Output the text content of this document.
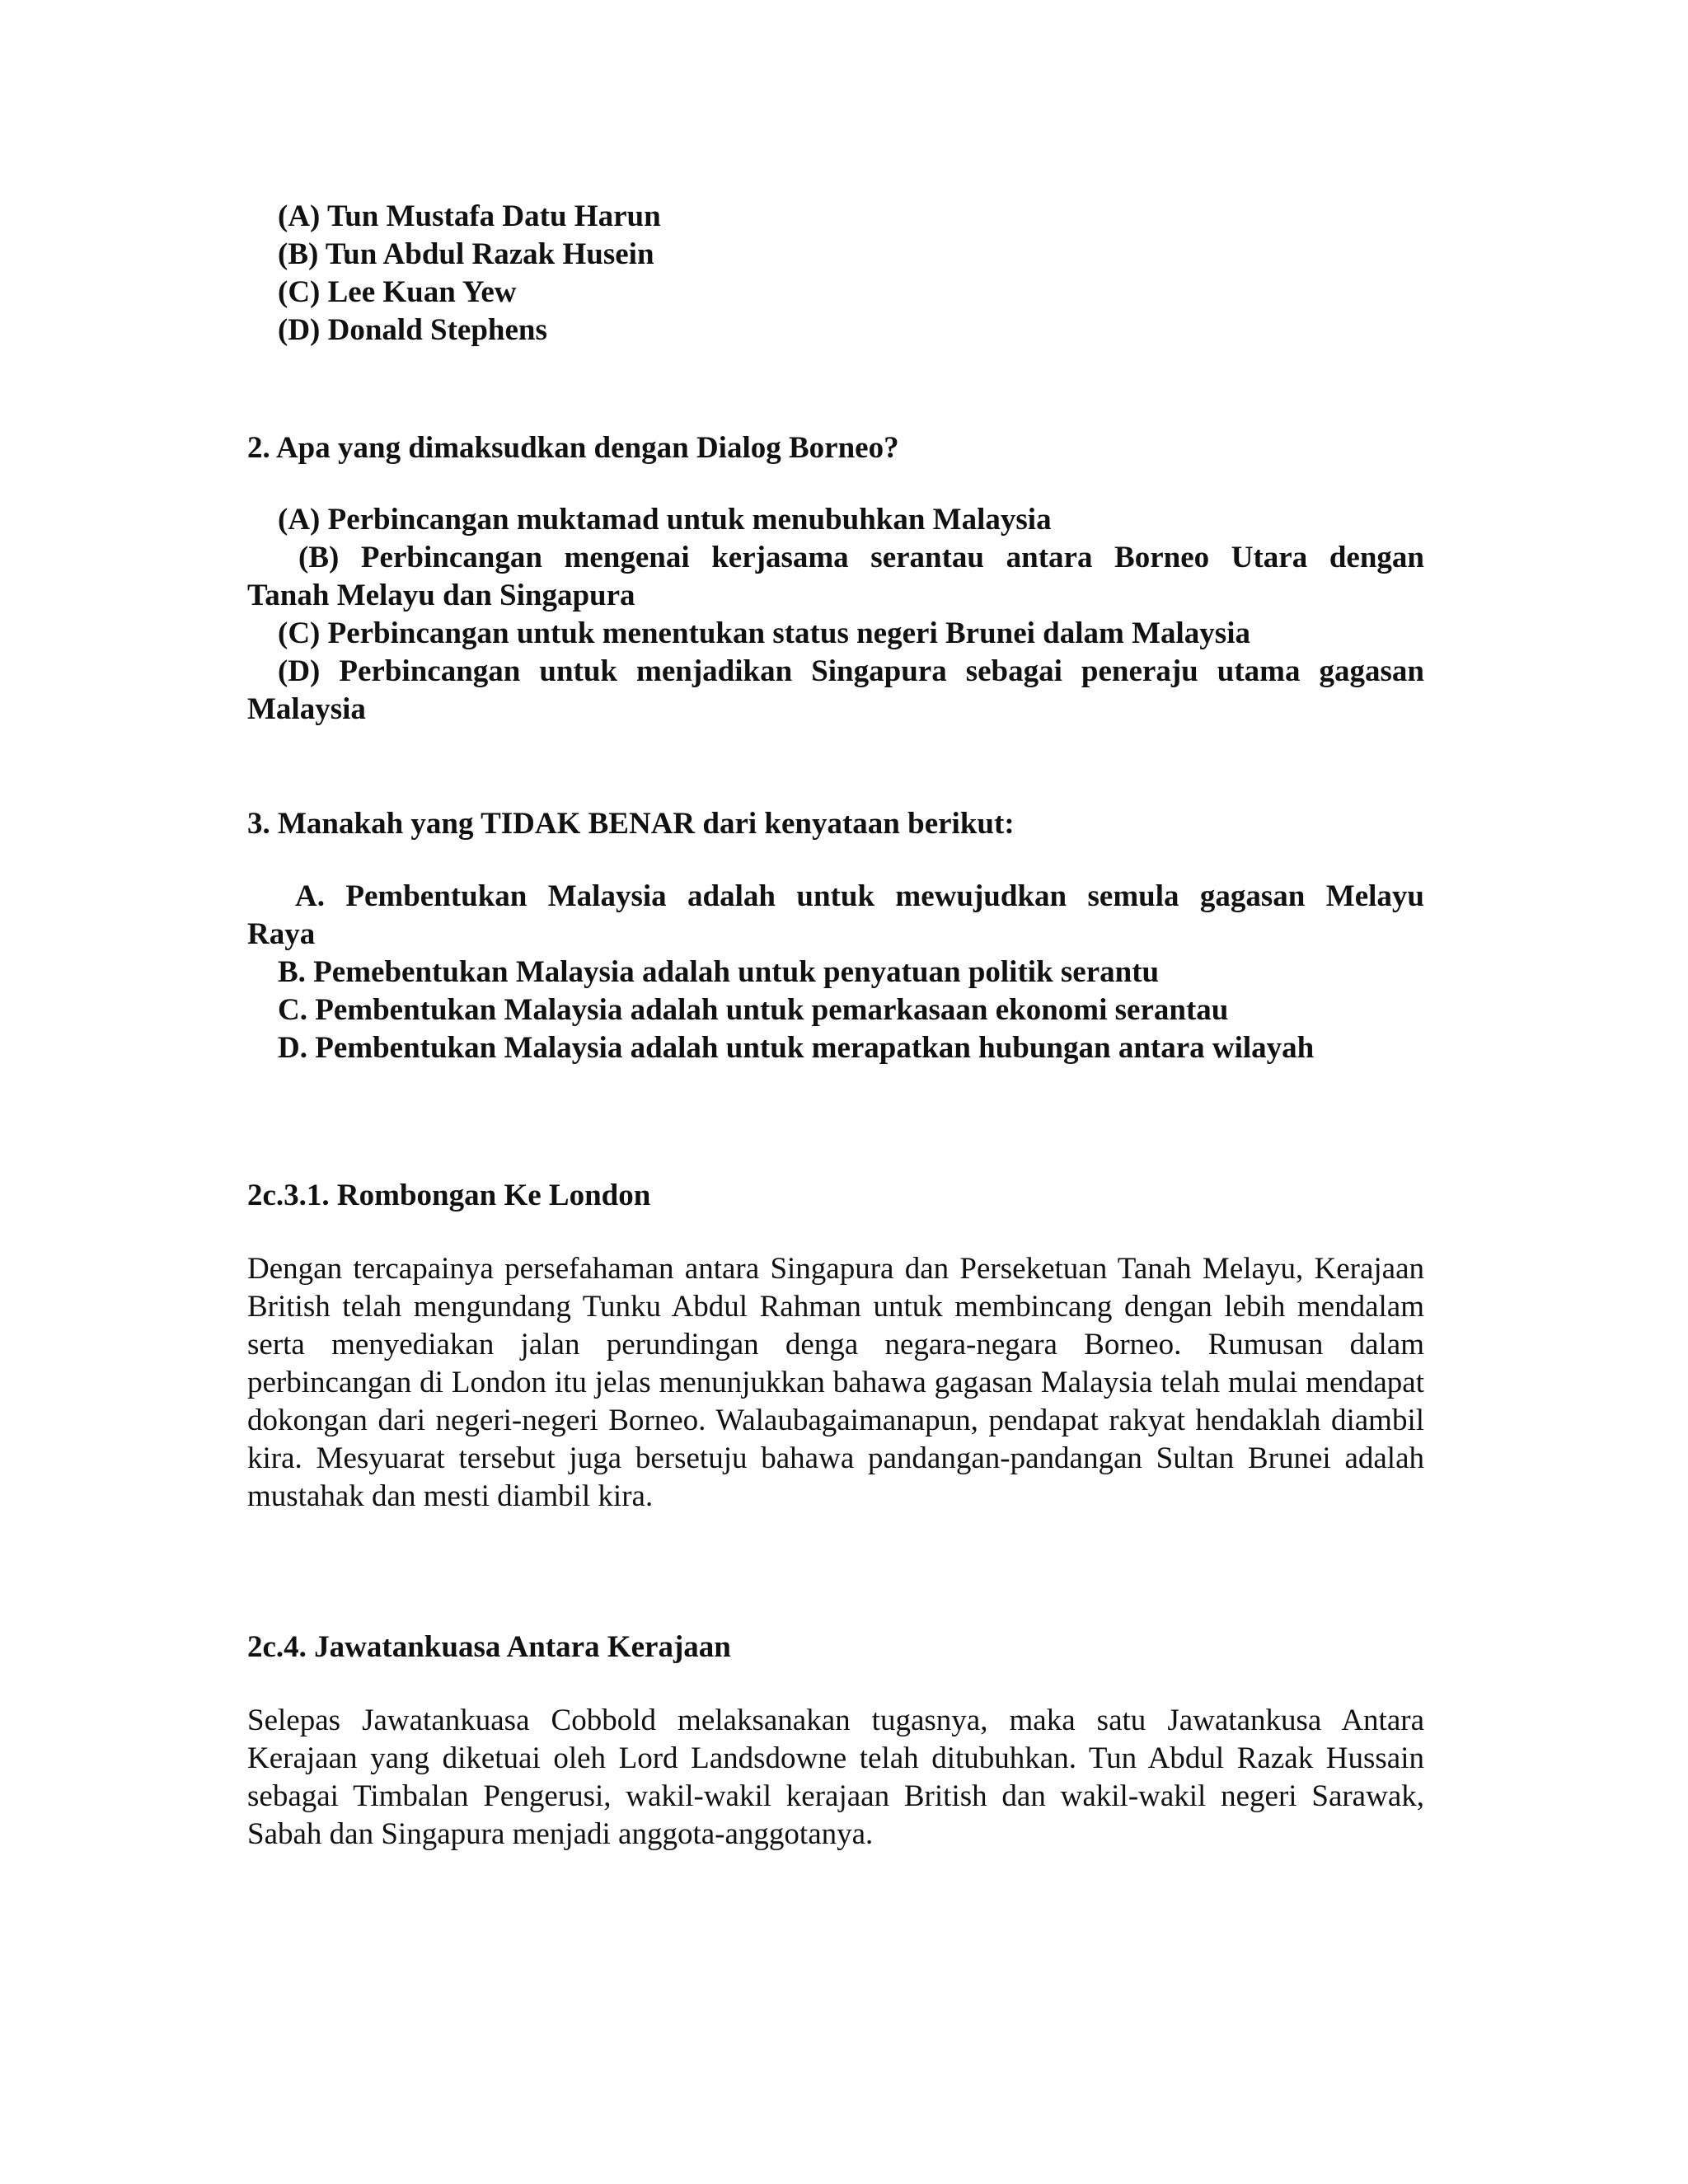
(A) Tun Mustafa Datu Harun
(B) Tun Abdul Razak Husein
(C) Lee Kuan Yew
(D) Donald Stephens
2. Apa yang dimaksudkan dengan Dialog Borneo?
(A) Perbincangan muktamad untuk menubuhkan Malaysia
(B) Perbincangan mengenai kerjasama serantau antara Borneo Utara dengan
Tanah Melayu dan Singapura
(C) Perbincangan untuk menentukan status negeri Brunei dalam Malaysia
(D) Perbincangan untuk menjadikan Singapura sebagai peneraju utama gagasan
Malaysia
3. Manakah yang TIDAK BENAR dari kenyataan berikut:
A. Pembentukan Malaysia adalah untuk mewujudkan semula gagasan Melayu
Raya
B. Pemebentukan Malaysia adalah untuk penyatuan politik serantu
C. Pembentukan Malaysia adalah untuk pemarkasaan ekonomi serantau
D. Pembentukan Malaysia adalah untuk merapatkan hubungan antara wilayah
2c.3.1. Rombongan Ke London
Dengan tercapainya persefahaman antara Singapura dan Perseketuan Tanah Melayu, Kerajaan British telah mengundang Tunku Abdul Rahman untuk membincang dengan lebih mendalam serta menyediakan jalan perundingan denga negara-negara Borneo. Rumusan dalam perbincangan di London itu jelas menunjukkan bahawa gagasan Malaysia telah mulai mendapat dokongan dari negeri-negeri Borneo. Walaubagaimanapun, pendapat rakyat hendaklah diambil kira. Mesyuarat tersebut juga bersetuju bahawa pandangan-pandangan Sultan Brunei adalah mustahak dan mesti diambil kira.
2c.4. Jawatankuasa Antara Kerajaan
Selepas Jawatankuasa Cobbold melaksanakan tugasnya, maka satu Jawatankusa Antara Kerajaan yang diketuai oleh Lord Landsdowne telah ditubuhkan. Tun Abdul Razak Hussain sebagai Timbalan Pengerusi, wakil-wakil kerajaan British dan wakil-wakil negeri Sarawak, Sabah dan Singapura menjadi anggota-anggotanya.
